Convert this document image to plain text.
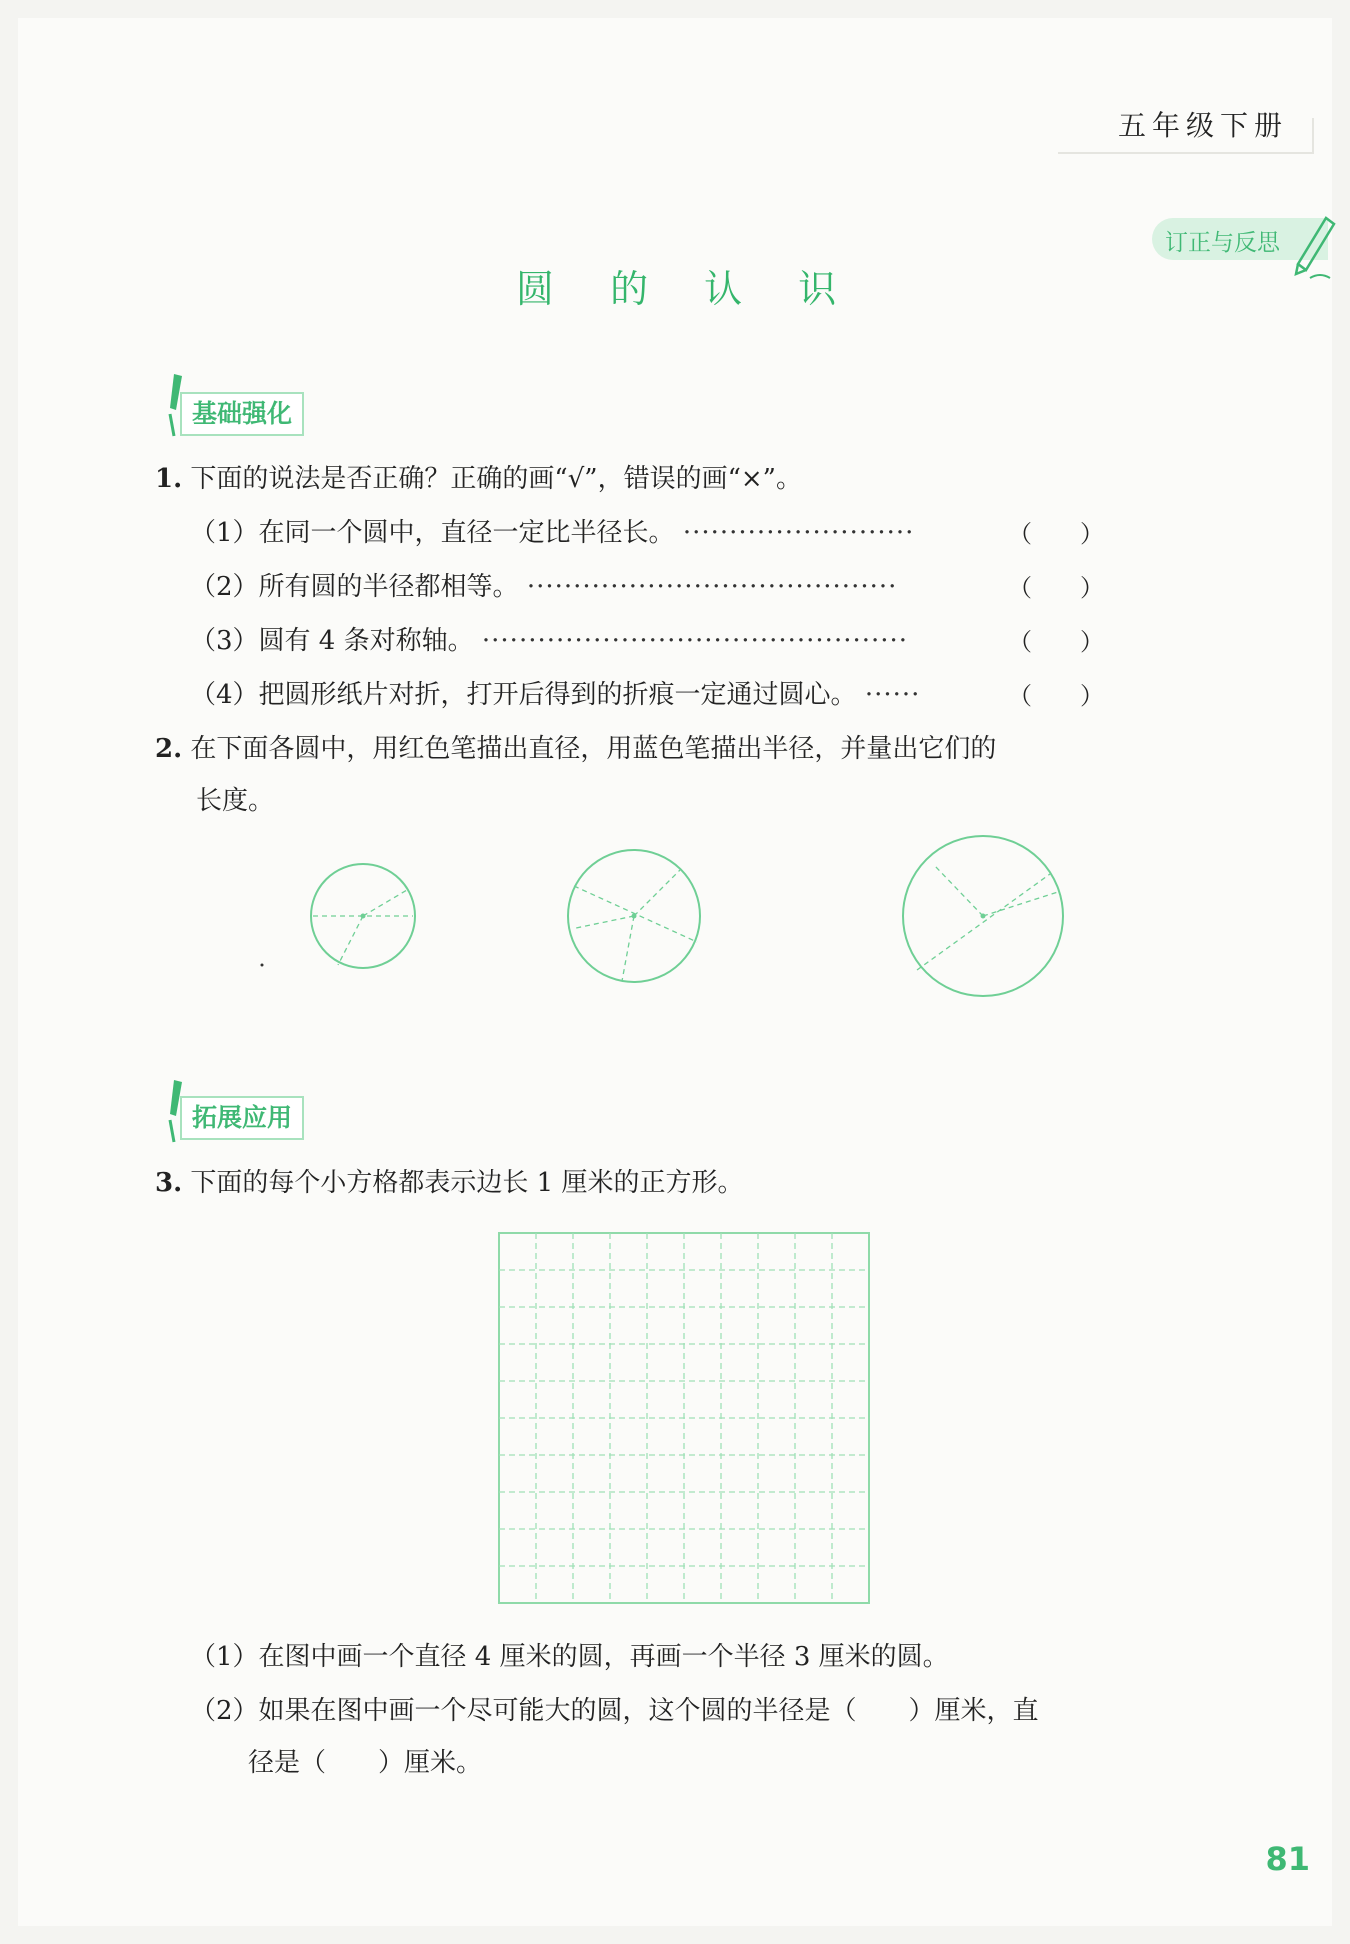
五年级下册
订正与反思
圆 的 认 识
基础强化
1. 下面的说法是否正确？正确的画“√”，错误的画“×”。
（1）在同一个圆中，直径一定比半径长。 ·························
（2）所有圆的半径都相等。 ········································
（3）圆有 4 条对称轴。 ··············································
（4）把圆形纸片对折，打开后得到的折痕一定通过圆心。 ······
（ ）
（ ）
（ ）
（ ）
2. 在下面各圆中，用红色笔描出直径，用蓝色笔描出半径，并量出它们的
长度。
拓展应用
3. 下面的每个小方格都表示边长 1 厘米的正方形。
（1）在图中画一个直径 4 厘米的圆，再画一个半径 3 厘米的圆。
（2）如果在图中画一个尽可能大的圆，这个圆的半径是（　　）厘米，直
径是（　　）厘米。
81
